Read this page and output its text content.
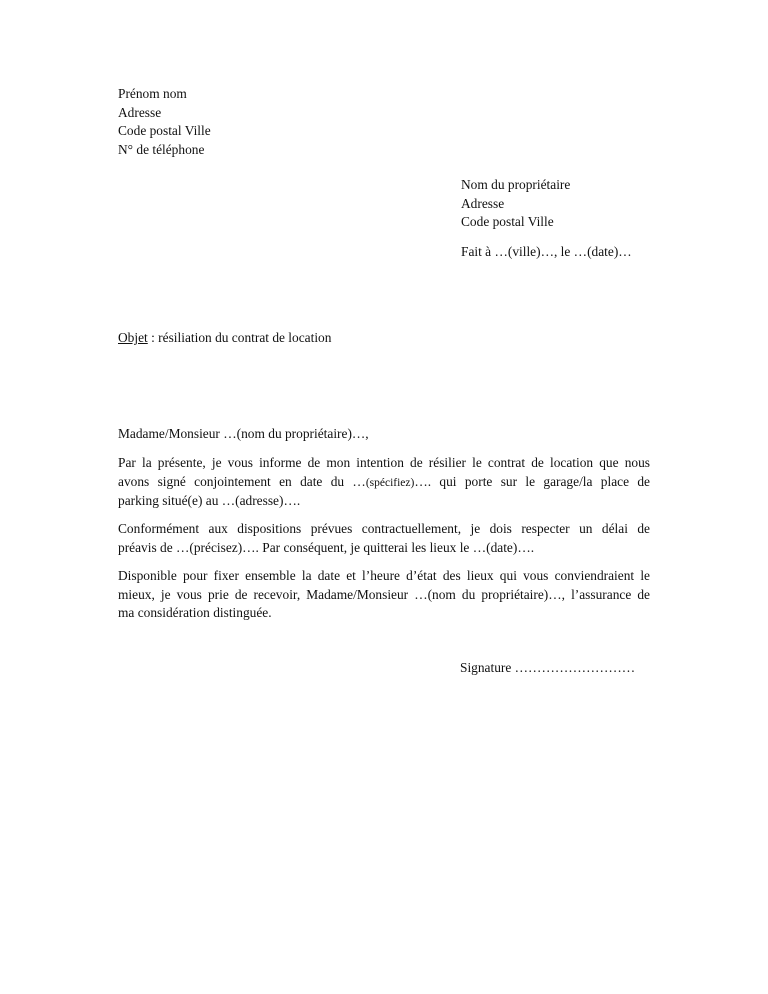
Prénom nom
Adresse
Code postal Ville
N° de téléphone
Nom du propriétaire
Adresse
Code postal Ville
Fait à …(ville)…, le …(date)…
Objet : résiliation du contrat de location
Madame/Monsieur …(nom du propriétaire)…,
Par la présente, je vous informe de mon intention de résilier le contrat de location que nous
avons signé conjointement en date du …(spécifiez)…. qui porte sur le garage/la place de
parking situé(e) au …(adresse)….
Conformément aux dispositions prévues contractuellement, je dois respecter un délai de
préavis de …(précisez)…. Par conséquent, je quitterai les lieux le …(date)….
Disponible pour fixer ensemble la date et l’heure d’état des lieux qui vous conviendraient le
mieux, je vous prie de recevoir, Madame/Monsieur …(nom du propriétaire)…, l’assurance de
ma considération distinguée.
Signature ………………………
